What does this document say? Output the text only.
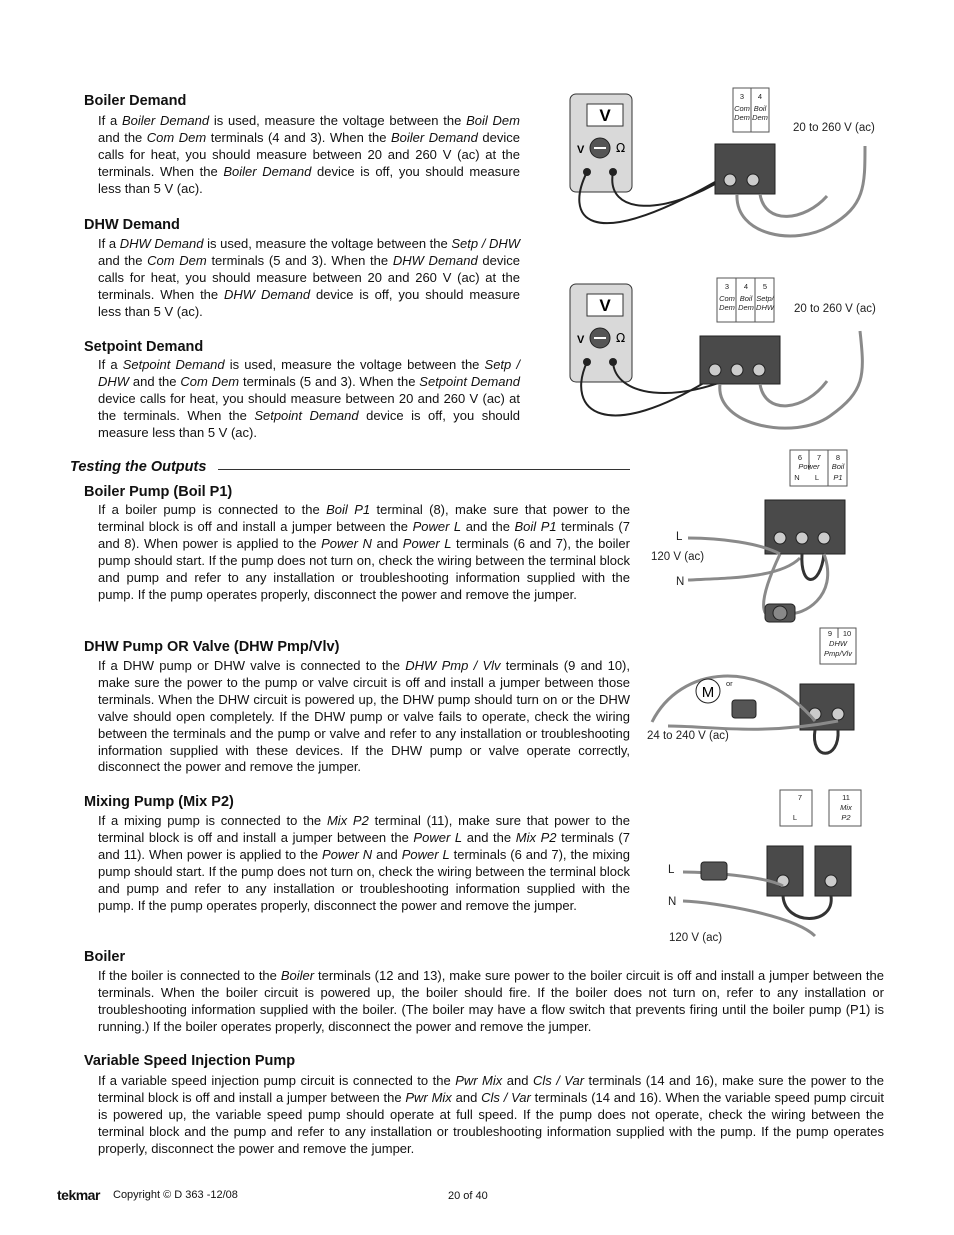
Boiler Demand
If a Boiler Demand is used, measure the voltage between the Boil Dem and the Com Dem terminals (4 and 3). When the Boiler Demand device calls for heat, you should measure between 20 and 260 V (ac) at the terminals. When the Boiler Demand device is off, you should measure less than 5 V (ac).
DHW Demand
If a DHW Demand is used, measure the voltage between the Setp / DHW and the Com Dem terminals (5 and 3). When the DHW Demand device calls for heat, you should measure between 20 and 260 V (ac) at the terminals. When the DHW Demand device is off, you should measure less than 5 V (ac).
Setpoint Demand
If a Setpoint Demand is used, measure the voltage between the Setp / DHW and the Com Dem terminals (5 and 3). When the Setpoint Demand device calls for heat, you should measure between 20 and 260 V (ac) at the terminals. When the Setpoint Demand device is off, you should measure less than 5 V (ac).
Testing the Outputs
Boiler Pump (Boil P1)
If a boiler pump is connected to the Boil P1 terminal (8), make sure that power to the terminal block is off and install a jumper between the Power L and the Boil P1 terminals (7 and 8). When power is applied to the Power N and Power L terminals (6 and 7), the boiler pump should start. If the pump does not turn on, check the wiring between the terminal block and pump and refer to any installation or troubleshooting information supplied with the pump. If the pump operates properly, disconnect the power and remove the jumper.
DHW Pump OR Valve (DHW Pmp/Vlv)
If a DHW pump or DHW valve is connected to the DHW Pmp / Vlv terminals (9 and 10), make sure the power to the pump or valve circuit is off and install a jumper between those terminals. When the DHW circuit is powered up, the DHW pump should turn on or the DHW valve should open completely. If the DHW pump or valve fails to operate, check the wiring between the terminals and the pump or valve and refer to any installation or troubleshooting information supplied with these devices. If the DHW pump or valve operate correctly, disconnect the power and remove the jumper.
Mixing Pump (Mix P2)
If a mixing pump is connected to the Mix P2 terminal (11), make sure that power to the terminal block is off and install a jumper between the Power L and the Mix P2 terminals (7 and 11). When power is applied to the Power N and Power L terminals (6 and 7), the mixing pump should start. If the pump does not turn on, check the wiring between the terminal block and pump and refer to any installation or troubleshooting information supplied with the pump. If the pump operates properly, disconnect the power and remove the jumper.
Boiler
If the boiler is connected to the Boiler terminals (12 and 13), make sure power to the boiler circuit is off and install a jumper between the terminals. When the boiler circuit is powered up, the boiler should fire. If the boiler does not turn on, refer to any installation or troubleshooting information supplied with the boiler. (The boiler may have a flow switch that prevents firing until the boiler pump (P1) is running.) If the boiler operates properly, disconnect the power and remove the jumper.
Variable Speed Injection Pump
If a variable speed injection pump circuit is connected to the Pwr Mix and Cls / Var terminals (14 and 16), make sure the power to the terminal block is off and install a jumper between the Pwr Mix and Cls / Var terminals (14 and 16). When the variable speed pump circuit is powered up, the variable speed pump should operate at full speed. If the pump does not operate, check the wiring between the terminal block and the pump and refer to any installation or troubleshooting information supplied with the pump. If the pump operates properly, disconnect the power and remove the jumper.
V
V	Ω
3 4
Com
Dem
Boil
Dem
20 to 260 V (ac)
V
V	Ω
3 4 5
Com
Dem
Boil
Dem
Setp/
DHW 20 to 260 V (ac)
6 7 8
Power Boil
N L P1
L
120 V (ac)
N
9 10
DHW
Pmp/Vlv
M
or
24 to 240 V (ac)
7
L
11
Mix
P2
L
N
120 V (ac)
tekmar Copyright © D 363 -12/08	20 of 40
